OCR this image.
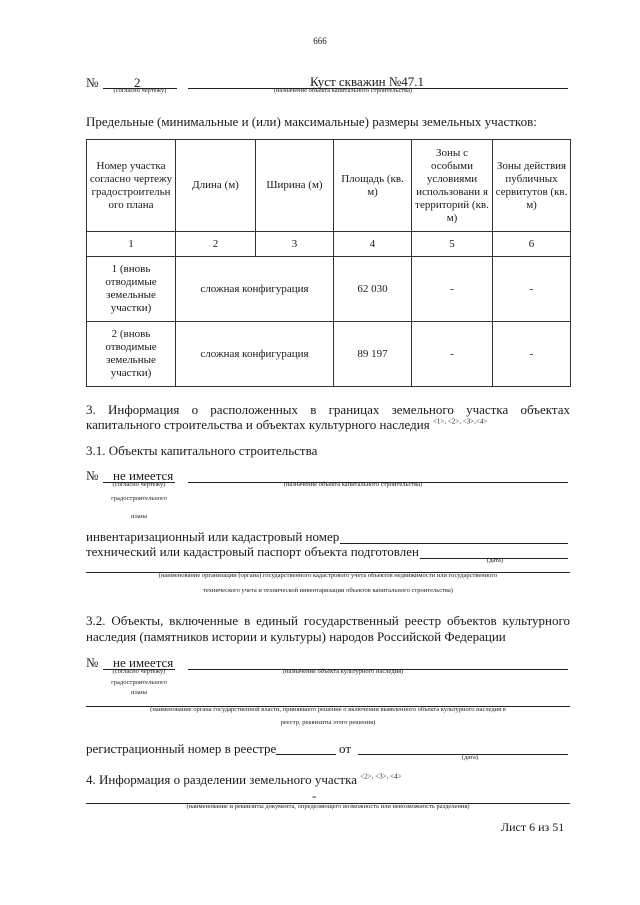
666
№	2
(согласно чертежу)
Куст скважин №47.1
(назначение объекта капитального строительства)
Предельные (минимальные и (или) максимальные) размеры земельных участков:
Номер участка согласно чертежу градостроительн ого плана	Длина (м)	Ширина (м)	Площадь (кв. м)	Зоны с особыми условиями использовани я территорий (кв. м)	Зоны действия публичных сервитутов (кв. м)
1	2	3	4	5	6
1 (вновь отводимые земельные участки)	сложная конфигурация		62 030	-	-
2 (вновь отводимые земельные участки)	сложная конфигурация		89 197	-	-
3. Информация о расположенных в границах земельного участка объектах
капитального строительства и объектах культурного наследия $^{<1>, <2>, <3>,<4>}$
3.1. Объекты капитального строительства
№ не имеется
(согласно чертежу)
градостроительного
плана
(назначение объекта капитального строительства)
инвентаризационный или кадастровый номер
технический или кадастровый паспорт объекта подготовлен
(дата)
(наименование организации (органа) государственного кадастрового учета объектов недвижимости или государственного
технического учета и технической инвентаризации объектов капитального строительства)
3.2. Объекты, включенные в единый государственный реестр объектов культурного
наследия (памятников истории и культуры) народов Российской Федерации
№ не имеется
(согласно чертежу)
градостроительного
плана
(назначение объекта культурного наследия)
(наименование органа государственной власти, принявшего решение о включении выявленного объекта культурного наследия в
реестр, реквизиты этого решения)
регистрационный номер в реестре	от
(дата)
4. Информация о разделении земельного участка $^{<2>, <3>, <4>}$
-
(наименование и реквизиты документа, определяющего возможность или невозможность разделения)
Лист 6 из 51
